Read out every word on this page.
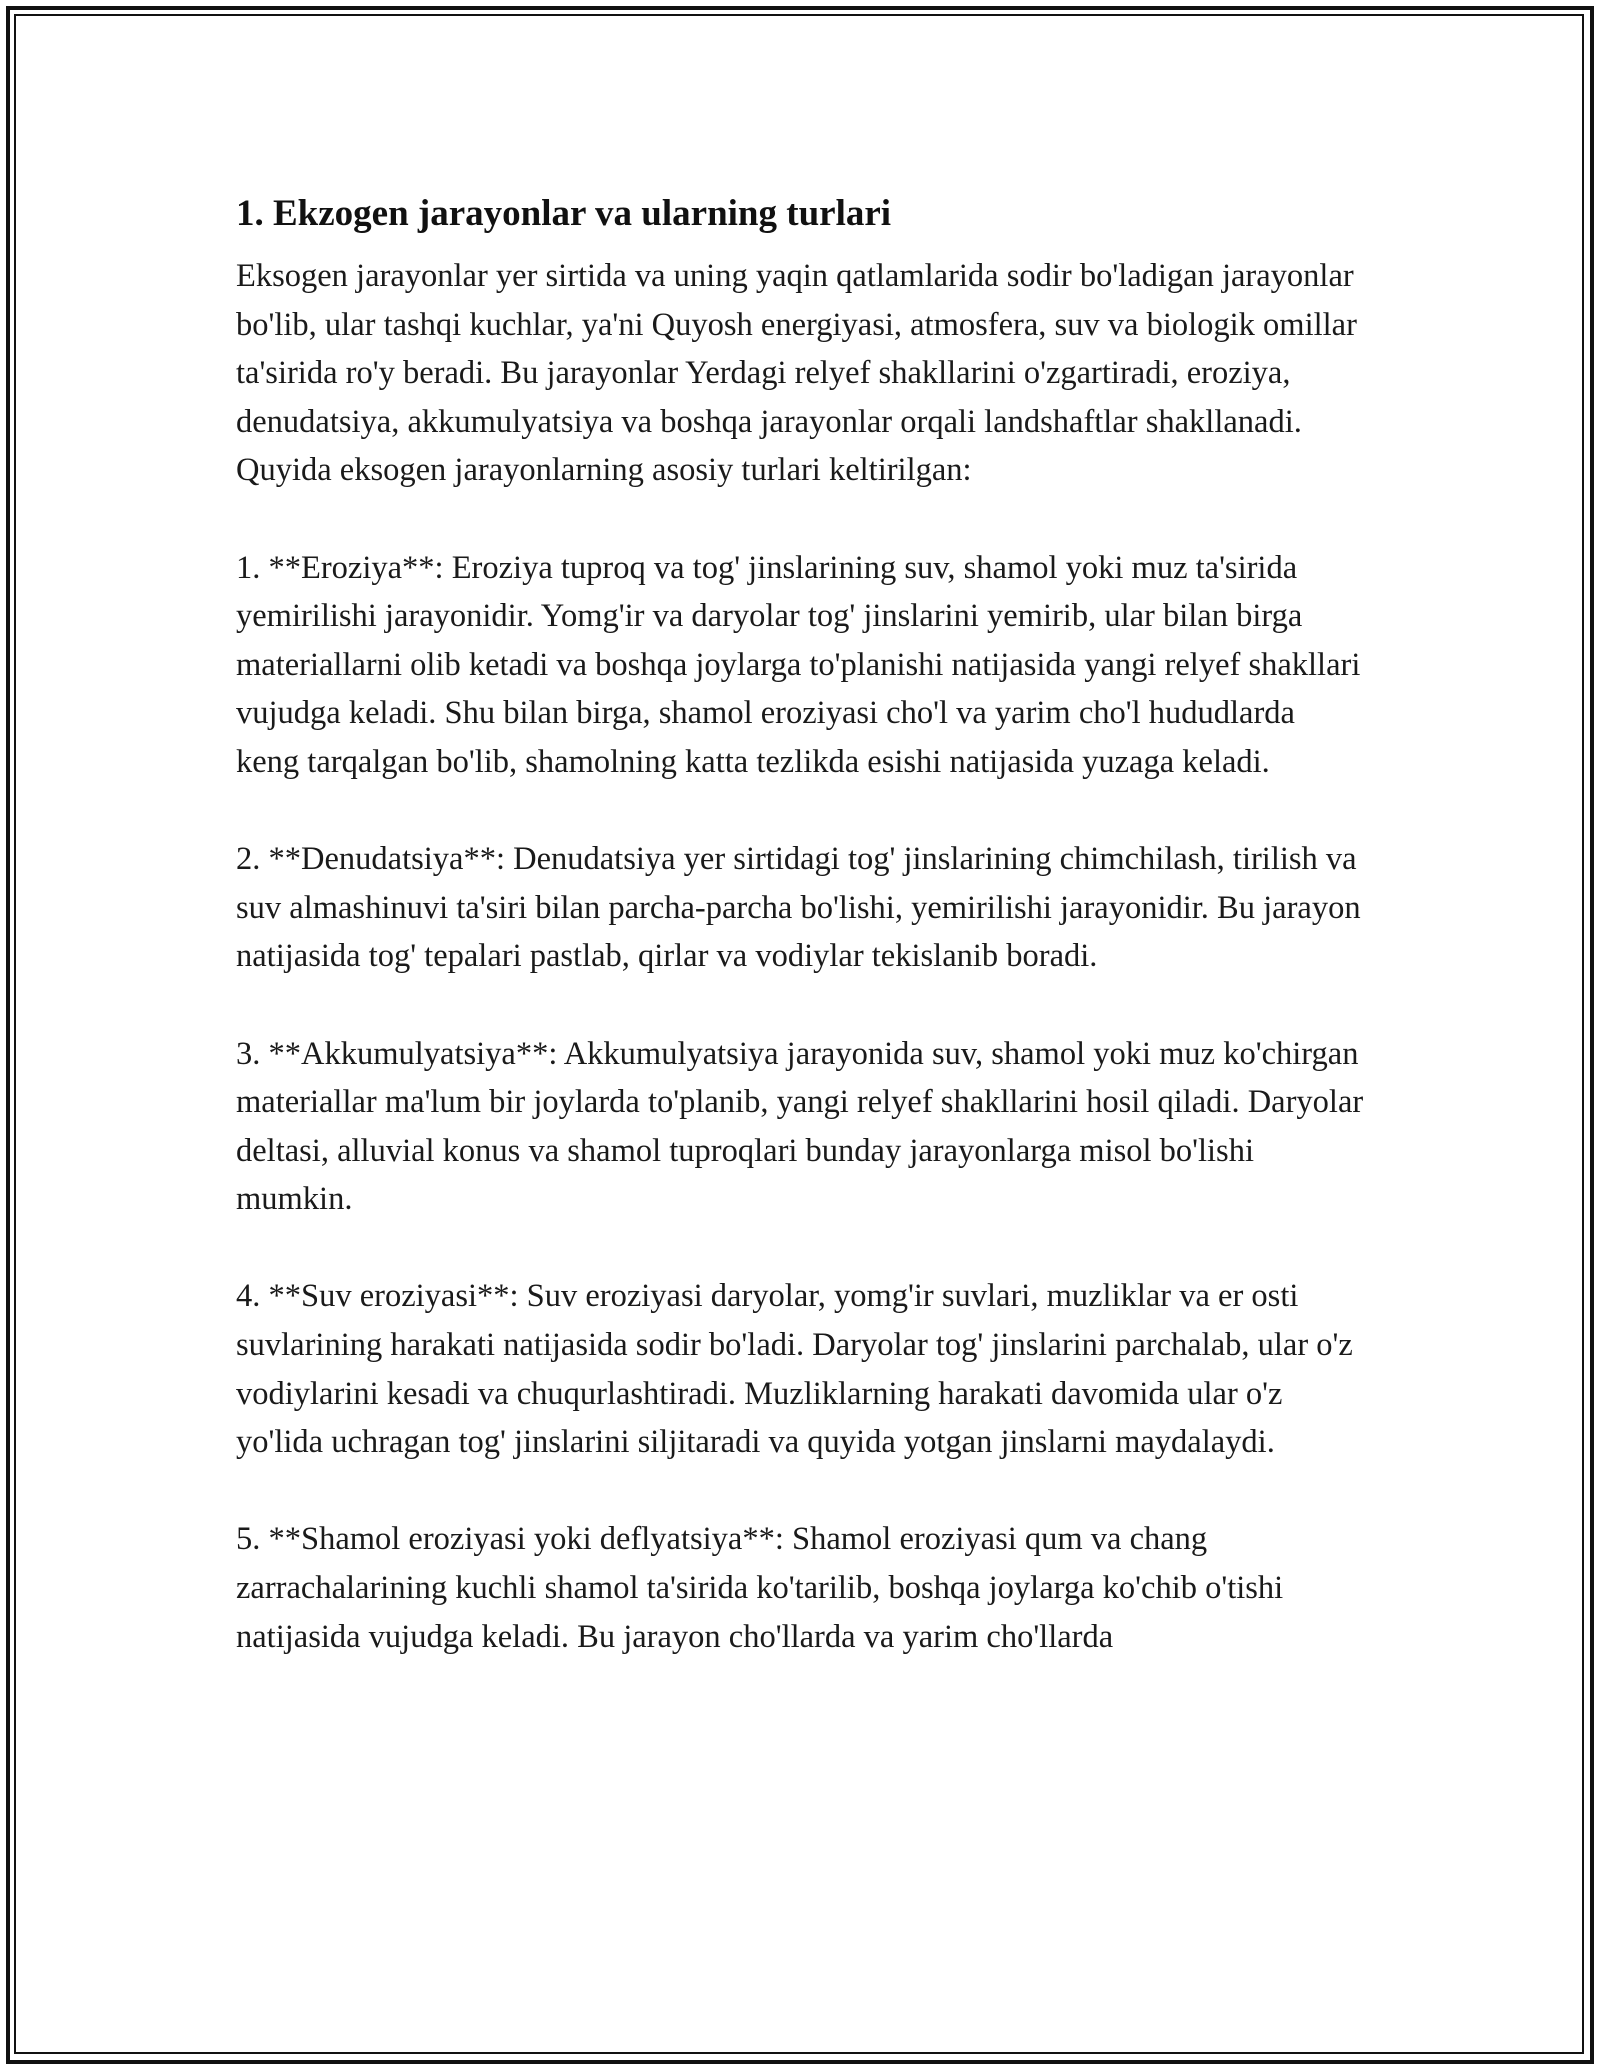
1. Ekzogen jarayonlar va ularning turlari

Eksogen jarayonlar yer sirtida va uning yaqin qatlamlarida sodir bo'ladigan jarayonlar bo'lib, ular tashqi kuchlar, ya'ni Quyosh energiyasi, atmosfera, suv va biologik omillar ta'sirida ro'y beradi. Bu jarayonlar Yerdagi relyef shakllarini o'zgartiradi, eroziya, denudatsiya, akkumulyatsiya va boshqa jarayonlar orqali landshaftlar shakllanadi. Quyida eksogen jarayonlarning asosiy turlari keltirilgan:

1. **Eroziya**: Eroziya tuproq va tog' jinslarining suv, shamol yoki muz ta'sirida yemirilishi jarayonidir. Yomg'ir va daryolar tog' jinslarini yemirib, ular bilan birga materiallarni olib ketadi va boshqa joylarga to'planishi natijasida yangi relyef shakllari vujudga keladi. Shu bilan birga, shamol eroziyasi cho'l va yarim cho'l hududlarda keng tarqalgan bo'lib, shamolning katta tezlikda esishi natijasida yuzaga keladi.

2. **Denudatsiya**: Denudatsiya yer sirtidagi tog' jinslarining chimchilash, tirilish va suv almashinuvi ta'siri bilan parcha-parcha bo'lishi, yemirilishi jarayonidir. Bu jarayon natijasida tog' tepalari pastlab, qirlar va vodiylar tekislanib boradi.

3. **Akkumulyatsiya**: Akkumulyatsiya jarayonida suv, shamol yoki muz ko'chirgan materiallar ma'lum bir joylarda to'planib, yangi relyef shakllarini hosil qiladi. Daryolar deltasi, alluvial konus va shamol tuproqlari bunday jarayonlarga misol bo'lishi mumkin.

4. **Suv eroziyasi**: Suv eroziyasi daryolar, yomg'ir suvlari, muzliklar va er osti suvlarining harakati natijasida sodir bo'ladi. Daryolar tog' jinslarini parchalab, ular o'z vodiylarini kesadi va chuqurlashtiradi. Muzliklarning harakati davomida ular o'z yo'lida uchragan tog' jinslarini siljitaradi va quyida yotgan jinslarni maydalaydi.

5. **Shamol eroziyasi yoki deflyatsiya**: Shamol eroziyasi qum va chang zarrachalarining kuchli shamol ta'sirida ko'tarilib, boshqa joylarga ko'chib o'tishi natijasida vujudga keladi. Bu jarayon cho'llarda va yarim cho'llarda
